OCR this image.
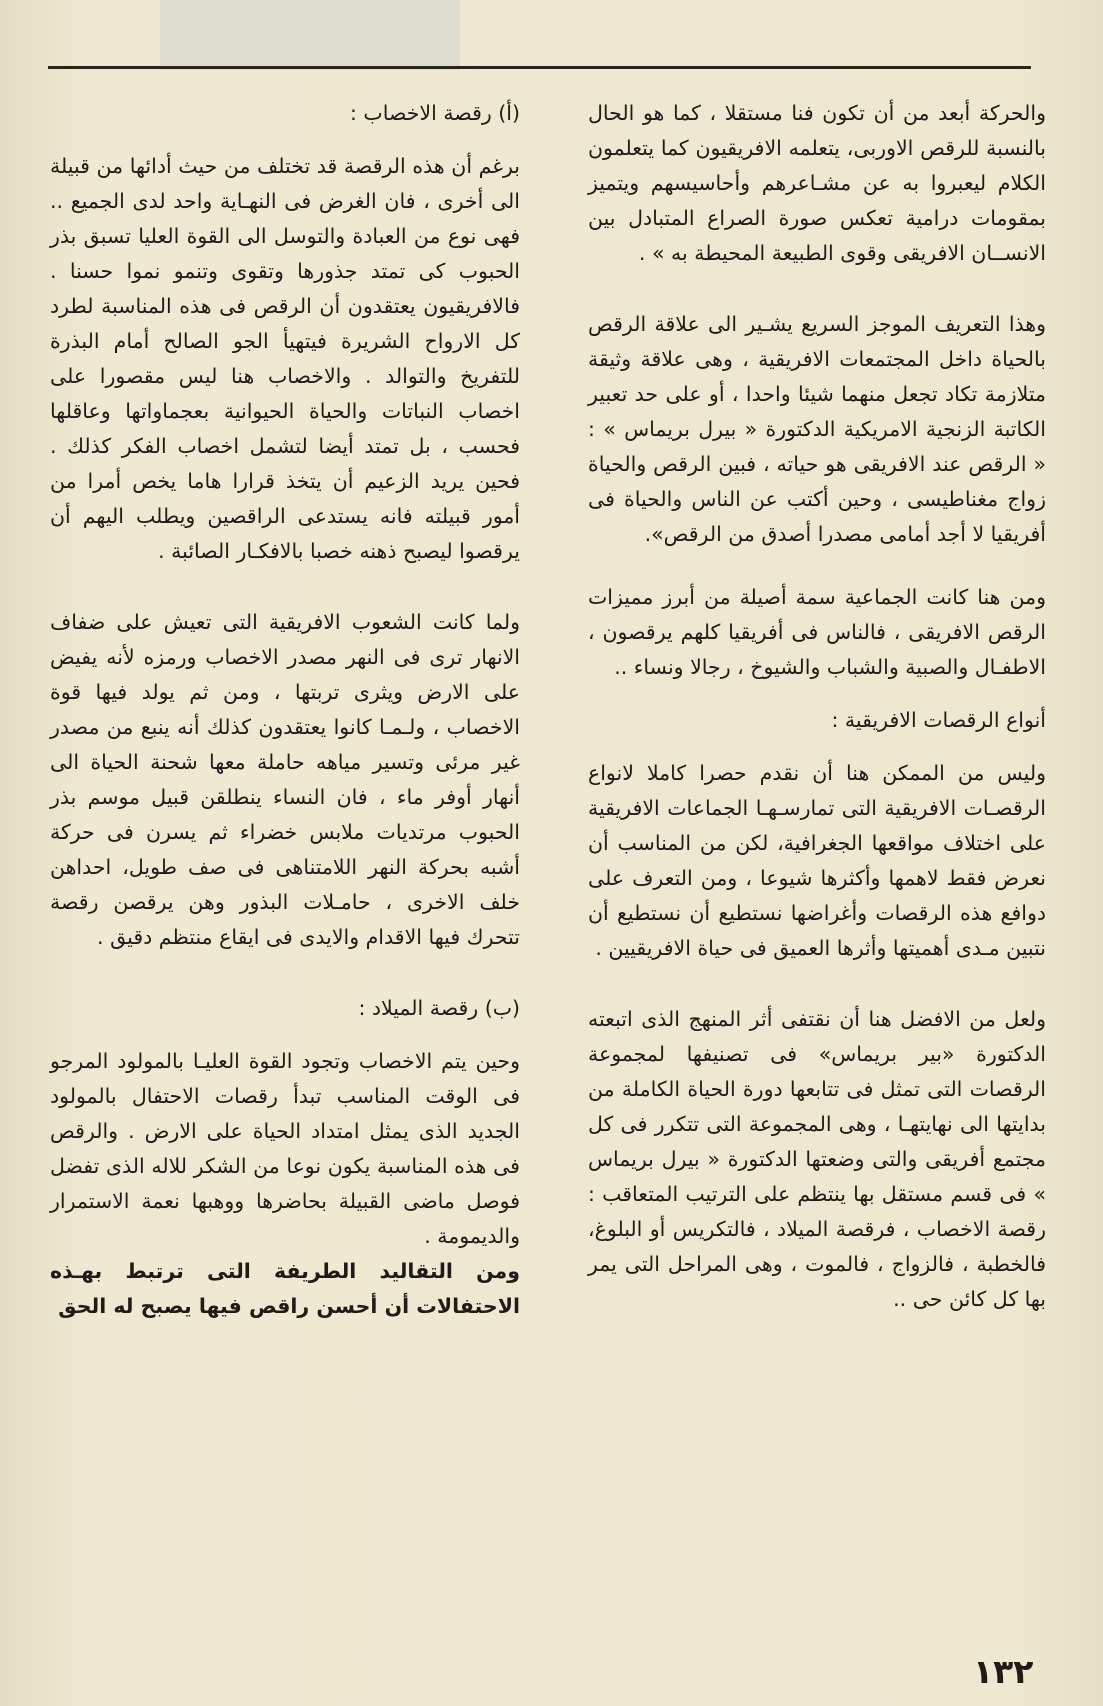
والحركة أبعد من أن تكون فنا مستقلا ، كما هو الحال بالنسبة للرقص الاوربى، يتعلمه الافريقيون كما يتعلمون الكلام ليعبروا به عن مشـاعرهم وأحاسيسهم ويتميز بمقومات درامية تعكس صورة الصراع المتبادل بين الانســان الافريقى وقوى الطبيعة المحيطة به » .

وهذا التعريف الموجز السريع يشـير الى علاقة الرقص بالحياة داخل المجتمعات الافريقية ، وهى علاقة وثيقة متلازمة تكاد تجعل منهما شيئا واحدا ، أو على حد تعبير الكاتبة الزنجية الامريكية الدكتورة « بيرل بريماس » : « الرقص عند الافريقى هو حياته ، فبين الرقص والحياة زواج مغناطيسى ، وحين أكتب عن الناس والحياة فى أفريقيا لا أجد أمامى مصدرا أصدق من الرقص».

ومن هنا كانت الجماعية سمة أصيلة من أبرز مميزات الرقص الافريقى ، فالناس فى أفريقيا كلهم يرقصون ، الاطفـال والصبية والشباب والشيوخ ، رجالا ونساء ..

أنواع الرقصات الافريقية :

وليس من الممكن هنا أن نقدم حصرا كاملا لانواع الرقصـات الافريقية التى تمارسـهـا الجماعات الافريقية على اختلاف مواقعها الجغرافية، لكن من المناسب أن نعرض فقط لاهمها وأكثرها شيوعا ، ومن التعرف على دوافع هذه الرقصات وأغراضها نستطيع أن نستطيع أن نتبين مـدى أهميتها وأثرها العميق فى حياة الافريقيين .

ولعل من الافضل هنا أن نقتفى أثر المنهج الذى اتبعته الدكتورة «بير بريماس» فى تصنيفها لمجموعة الرقصات التى تمثل فى تتابعها دورة الحياة الكاملة من بدايتها الى نهايتهـا ، وهى المجموعة التى تتكرر فى كل مجتمع أفريقى والتى وضعتها الدكتورة « بيرل بريماس » فى قسم مستقل بها ينتظم على الترتيب المتعاقب : رقصة الاخصاب ، فرقصة الميلاد ، فالتكريس أو البلوغ، فالخطبة ، فالزواج ، فالموت ، وهى المراحل التى يمر بها كل كائن حى ..

(أ) رقصة الاخصاب :

برغم أن هذه الرقصة قد تختلف من حيث أدائها من قبيلة الى أخرى ، فان الغرض فى النهـاية واحد لدى الجميع .. فهى نوع من العبادة والتوسل الى القوة العليا تسبق بذر الحبوب كى تمتد جذورها وتقوى وتنمو نموا حسنا . فالافريقيون يعتقدون أن الرقص فى هذه المناسبة لطرد كل الارواح الشريرة فيتهيأ الجو الصالح أمام البذرة للتفريخ والتوالد . والاخصاب هنا ليس مقصورا على اخصاب النباتات والحياة الحيوانية بعجماواتها وعاقلها فحسب ، بل تمتد أيضا لتشمل اخصاب الفكر كذلك . فحين يريد الزعيم أن يتخذ قرارا هاما يخص أمرا من أمور قبيلته فانه يستدعى الراقصين ويطلب اليهم أن يرقصوا ليصبح ذهنه خصبا بالافكـار الصائبة .

ولما كانت الشعوب الافريقية التى تعيش على ضفاف الانهار ترى فى النهر مصدر الاخصاب ورمزه لأنه يفيض على الارض ويثرى تربتها ، ومن ثم يولد فيها قوة الاخصاب ، ولـمـا كانوا يعتقدون كذلك أنه ينبع من مصدر غير مرئى وتسير مياهه حاملة معها شحنة الحياة الى أنهار أوفر ماء ، فان النساء ينطلقن قبيل موسم بذر الحبوب مرتديات ملابس خضراء ثم يسرن فى حركة أشبه بحركة النهر اللامتناهى فى صف طويل، احداهن خلف الاخرى ، حامـلات البذور وهن يرقصن رقصة تتحرك فيها الاقدام والايدى فى ايقاع منتظم دقيق .

(ب) رقصة الميلاد :

وحين يتم الاخصاب وتجود القوة العليـا بالمولود المرجو فى الوقت المناسب تبدأ رقصات الاحتفال بالمولود الجديد الذى يمثل امتداد الحياة على الارض . والرقص فى هذه المناسبة يكون نوعا من الشكر للاله الذى تفضل فوصل ماضى القبيلة بحاضرها ووهبها نعمة الاستمرار والديمومة .

ومن التقاليد الطريفة التى ترتبط بهـذه الاحتفالات أن أحسن راقص فيها يصبح له الحق

١٣٢
